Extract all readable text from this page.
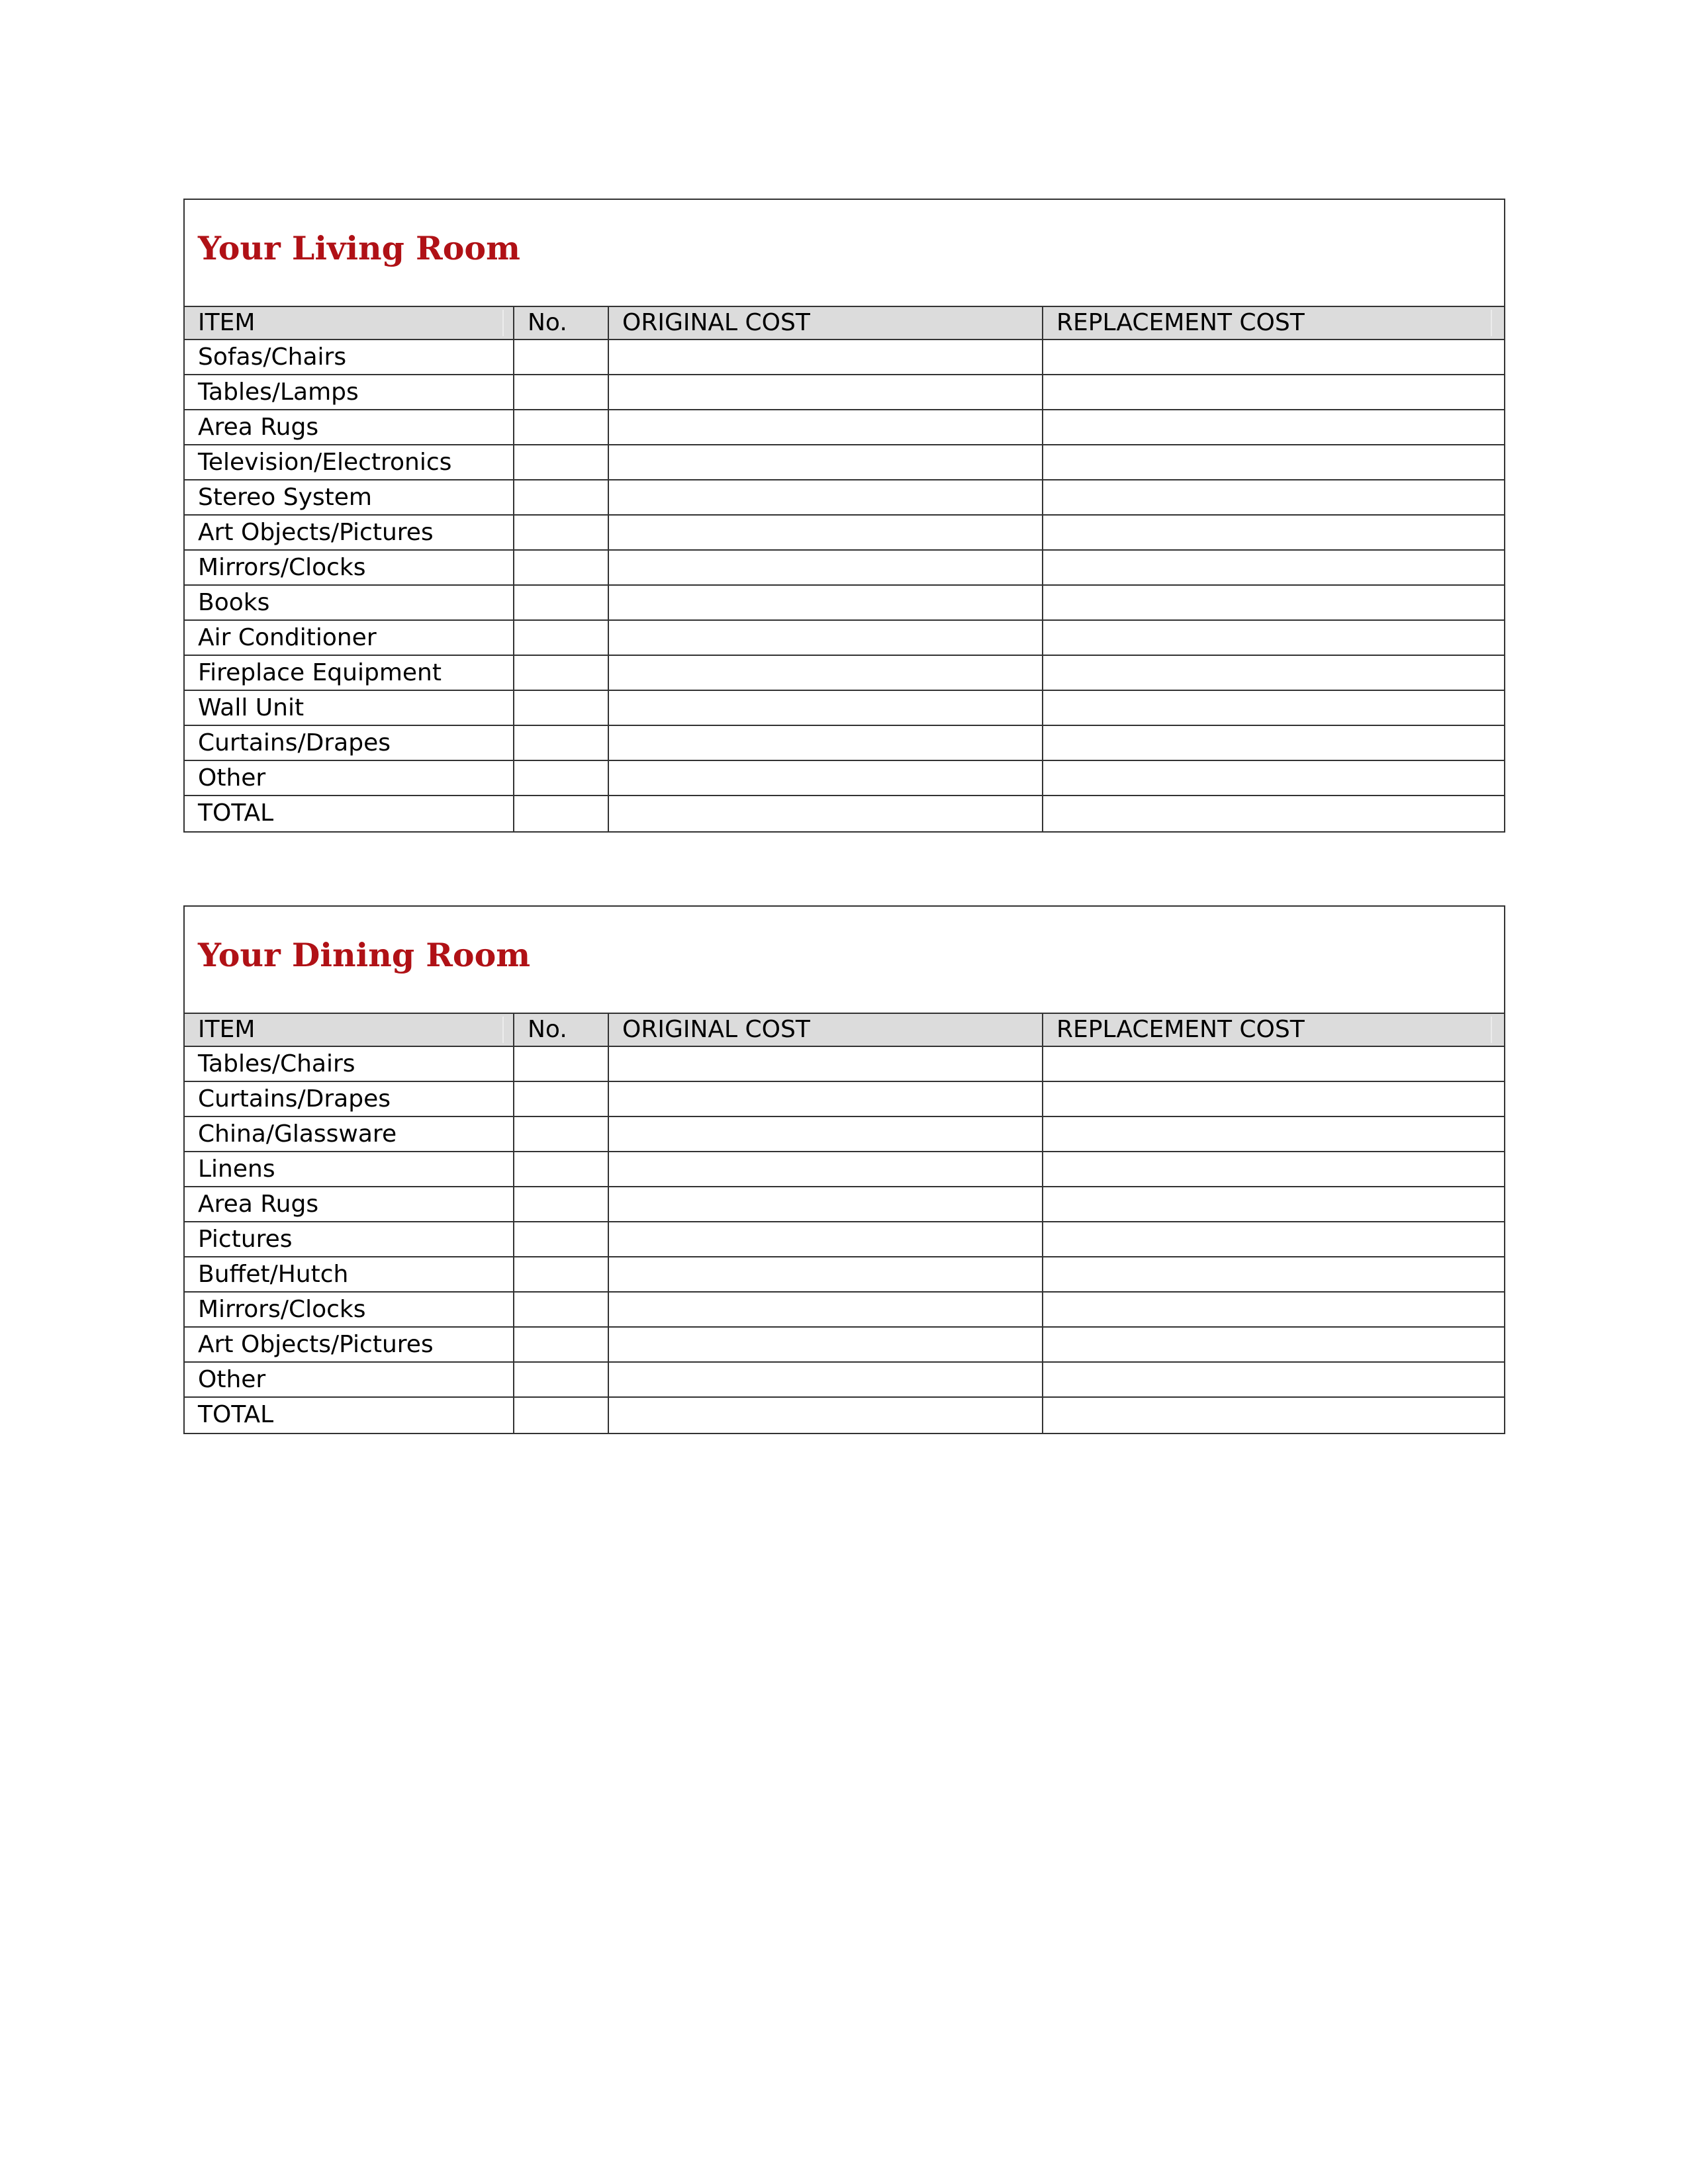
Your Living Room
ITEM	No.	ORIGINAL COST	REPLACEMENT COST
Sofas/Chairs
Tables/Lamps
Area Rugs
Television/Electronics
Stereo System
Art Objects/Pictures
Mirrors/Clocks
Books
Air Conditioner
Fireplace Equipment
Wall Unit
Curtains/Drapes
Other
TOTAL
Your Dining Room
ITEM	No.	ORIGINAL COST	REPLACEMENT COST
Tables/Chairs
Curtains/Drapes
China/Glassware
Linens
Area Rugs
Pictures
Buffet/Hutch
Mirrors/Clocks
Art Objects/Pictures
Other
TOTAL
